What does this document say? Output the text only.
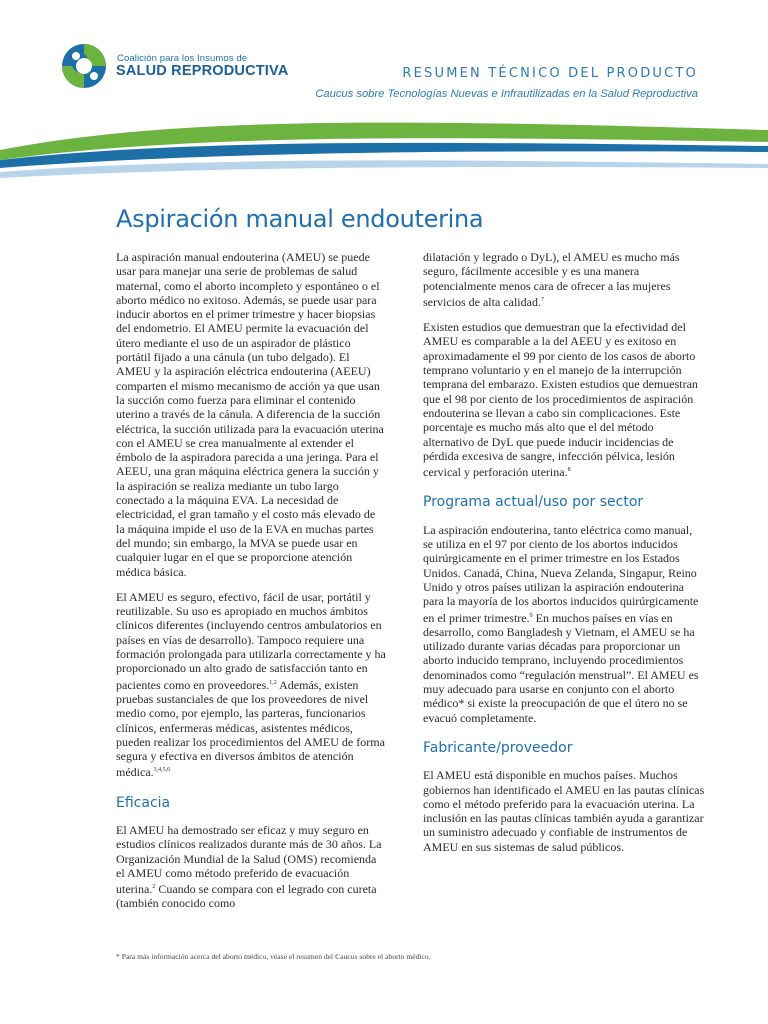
Coalición para los Insumos de
SALUD REPRODUCTIVA	RESUMEN TÉCNICO DEL PRODUCTO
Caucus sobre Tecnologías Nuevas e Infrautilizadas en la Salud Reproductiva
Aspiración manual endouterina

La aspiración manual endouterina (AMEU) se puede usar para manejar una serie de problemas de salud maternal, como el aborto incompleto y espontáneo o el aborto médico no exitoso. Además, se puede usar para inducir abortos en el primer trimestre y hacer biopsias del endometrio. El AMEU permite la evacuación del útero mediante el uso de un aspirador de plástico portátil fijado a una cánula (un tubo delgado). El AMEU y la aspiración eléctrica endouterina (AEEU) comparten el mismo mecanismo de acción ya que usan la succión como fuerza para eliminar el contenido uterino a través de la cánula. A diferencia de la succión eléctrica, la succión utilizada para la evacuación uterina con el AMEU se crea manualmente al extender el émbolo de la aspiradora parecida a una jeringa. Para el AEEU, una gran máquina eléctrica genera la succión y la aspiración se realiza mediante un tubo largo conectado a la máquina EVA. La necesidad de electricidad, el gran tamaño y el costo más elevado de la máquina impide el uso de la EVA en muchas partes del mundo; sin embargo, la MVA se puede usar en cualquier lugar en el que se proporcione atención médica básica.

El AMEU es seguro, efectivo, fácil de usar, portátil y reutilizable. Su uso es apropiado en muchos ámbitos clínicos diferentes (incluyendo centros ambulatorios en países en vías de desarrollo). Tampoco requiere una formación prolongada para utilizarla correctamente y ha proporcionado un alto grado de satisfacción tanto en pacientes como en proveedores.$^{1,2}$ Además, existen pruebas sustanciales de que los proveedores de nivel medio como, por ejemplo, las parteras, funcionarios clínicos, enfermeras médicas, asistentes médicos, pueden realizar los procedimientos del AMEU de forma segura y efectiva en diversos ámbitos de atención médica.$^{3,4,5,6}$

Eficacia

El AMEU ha demostrado ser eficaz y muy seguro en estudios clínicos realizados durante más de 30 años. La Organización Mundial de la Salud (OMS) recomienda el AMEU como método preferido de evacuación uterina.$^2$ Cuando se compara con el legrado con cureta (también conocido como

dilatación y legrado o DyL), el AMEU es mucho más seguro, fácilmente accesible y es una manera potencialmente menos cara de ofrecer a las mujeres servicios de alta calidad.$^7$

Existen estudios que demuestran que la efectividad del AMEU es comparable a la del AEEU y es exitoso en aproximadamente el 99 por ciento de los casos de aborto temprano voluntario y en el manejo de la interrupción temprana del embarazo. Existen estudios que demuestran que el 98 por ciento de los procedimientos de aspiración endouterina se llevan a cabo sin complicaciones. Este porcentaje es mucho más alto que el del método alternativo de DyL que puede inducir incidencias de pérdida excesiva de sangre, infección pélvica, lesión cervical y perforación uterina.$^8$

Programa actual/uso por sector

La aspiración endouterina, tanto eléctrica como manual, se utiliza en el 97 por ciento de los abortos inducidos quirúrgicamente en el primer trimestre en los Estados Unidos. Canadá, China, Nueva Zelanda, Singapur, Reino Unido y otros países utilizan la aspiración endouterina para la mayoría de los abortos inducidos quirúrgicamente en el primer trimestre.$^9$ En muchos países en vías en desarrollo, como Bangladesh y Vietnam, el AMEU se ha utilizado durante varias décadas para proporcionar un aborto inducido temprano, incluyendo procedimientos denominados como “regulación menstrual”. El AMEU es muy adecuado para usarse en conjunto con el aborto médico* si existe la preocupación de que el útero no se evacuó completamente.

Fabricante/proveedor

El AMEU está disponible en muchos países. Muchos gobiernos han identificado el AMEU en las pautas clínicas como el método preferido para la evacuación uterina. La inclusión en las pautas clínicas también ayuda a garantizar un suministro adecuado y confiable de instrumentos de AMEU en sus sistemas de salud públicos.

* Para más información acerca del aborto médico, véase el resumen del Caucus sobre el aborto médico.
